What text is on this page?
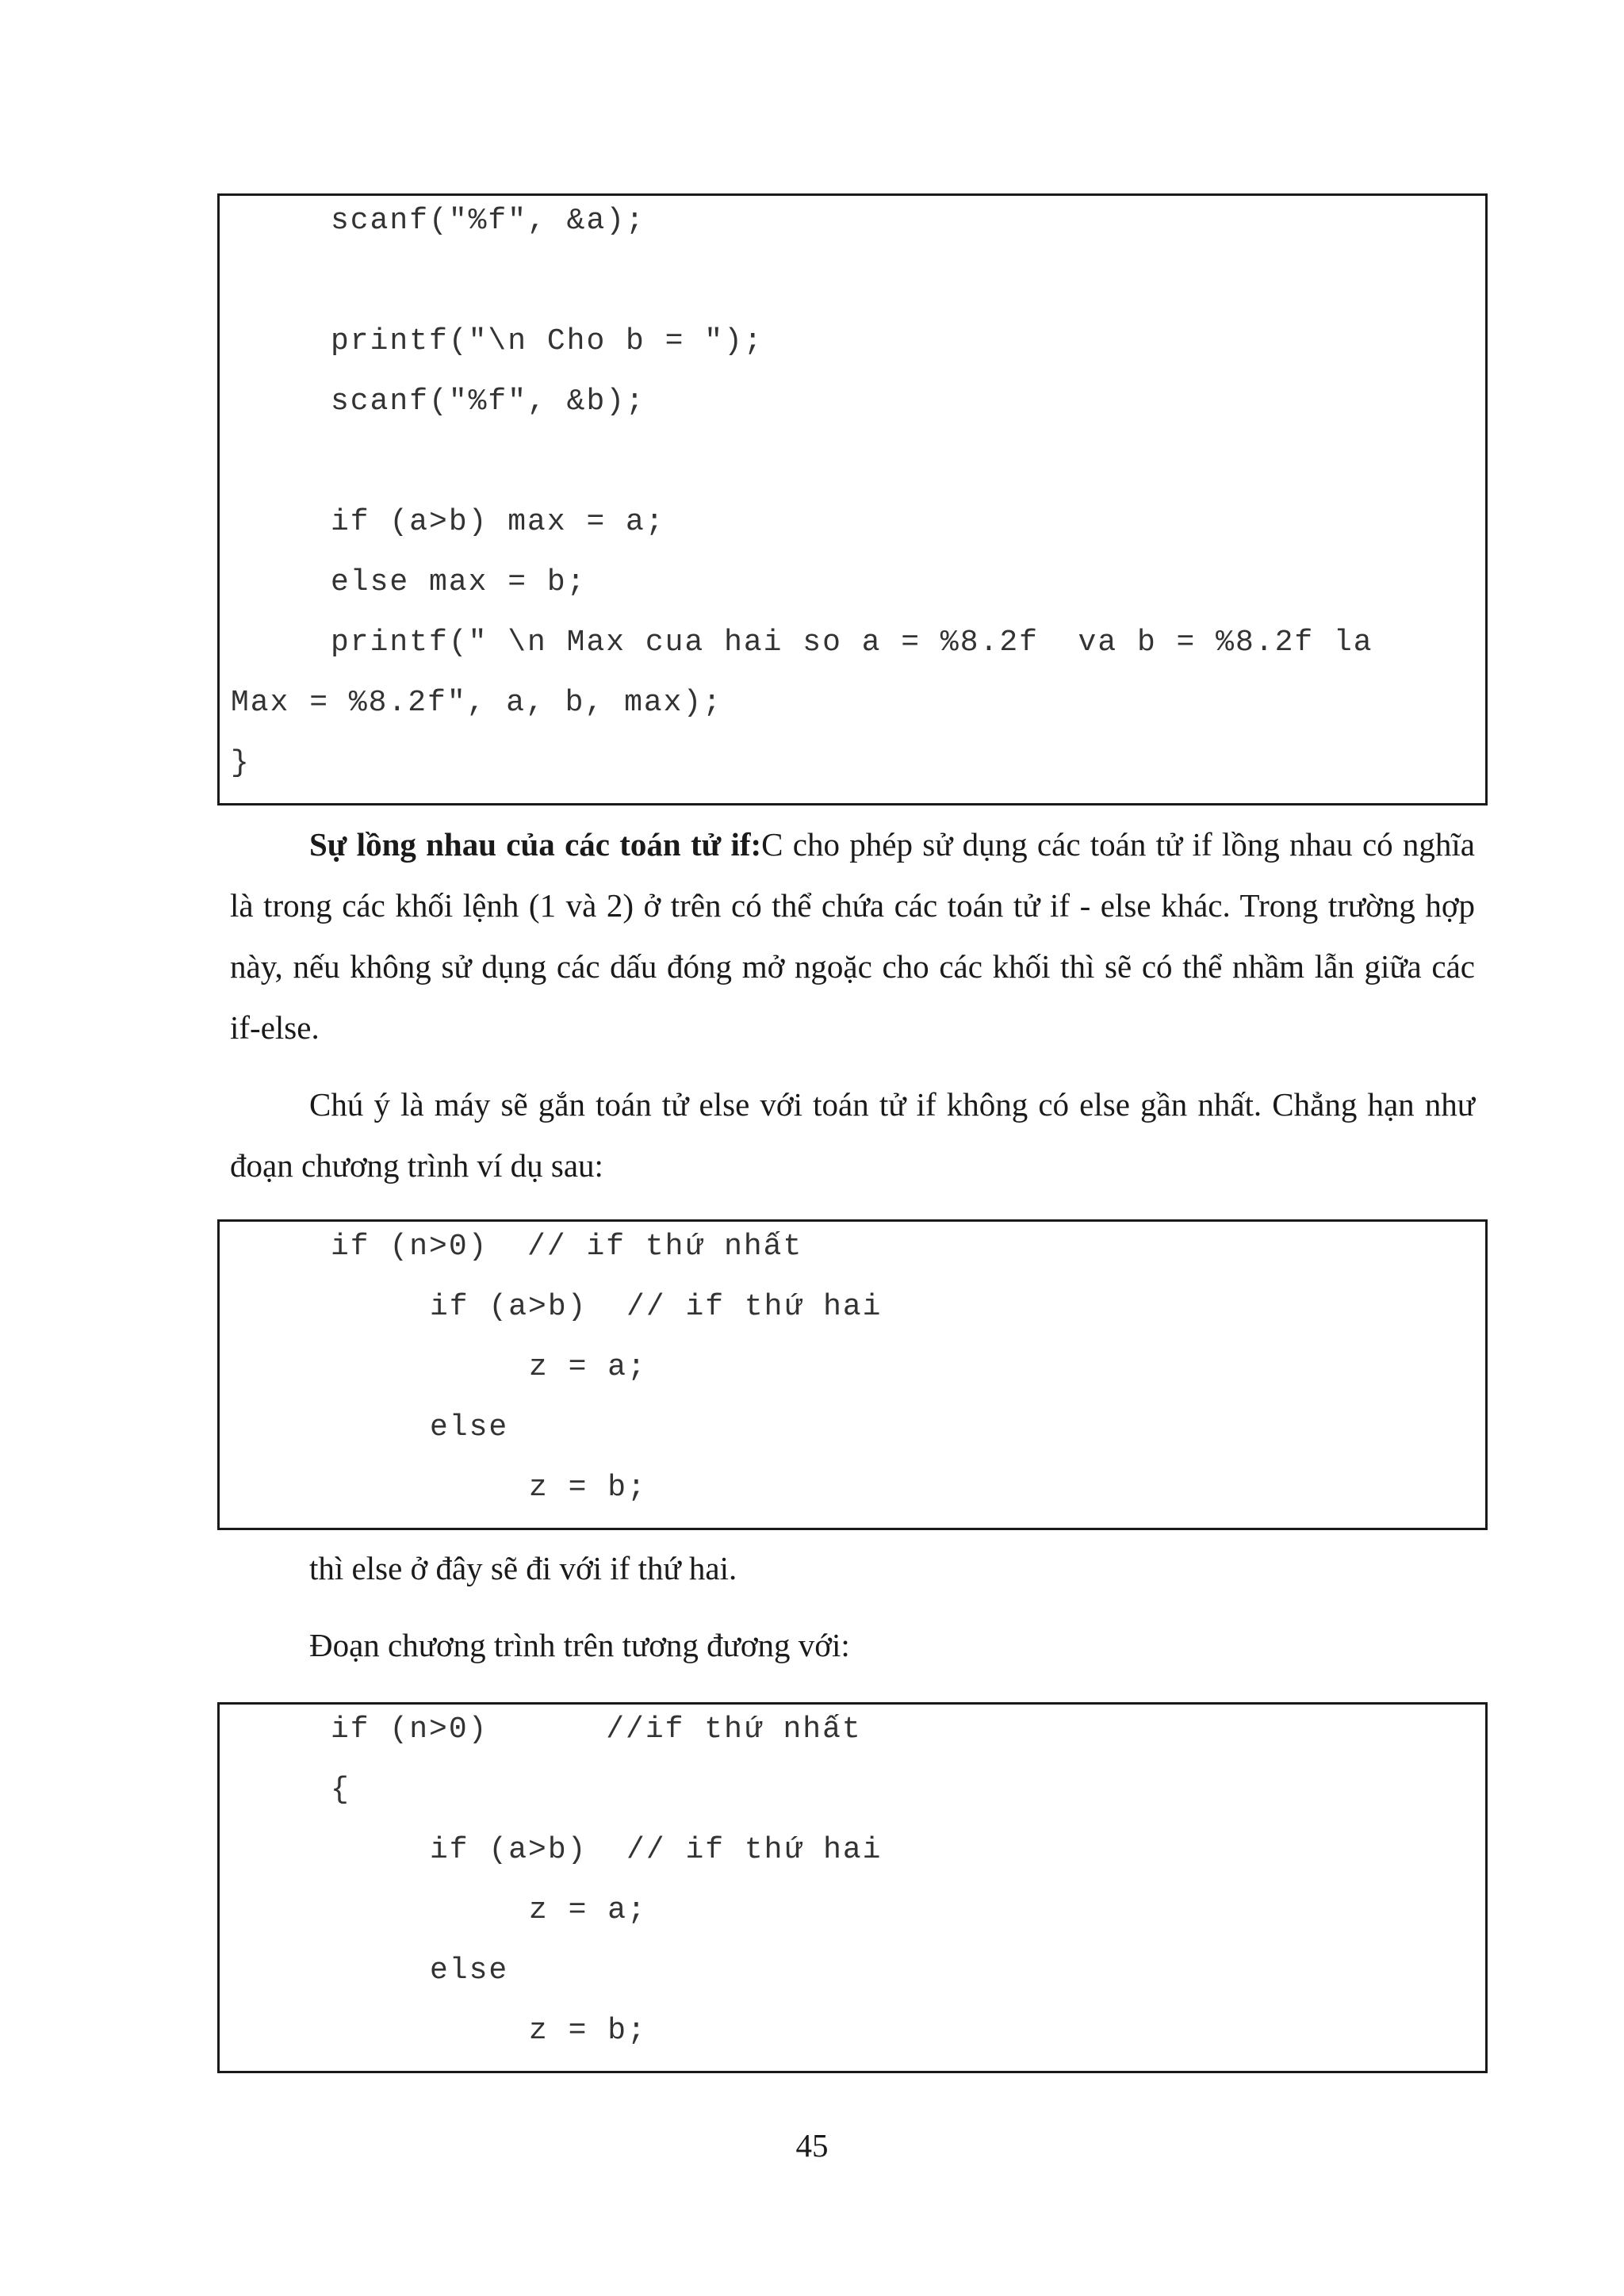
scanf("%f", &a);
printf("\n Cho b = ");
scanf("%f", &b);
if (a>b) max = a;
else max = b;
printf(" \n Max cua hai so a = %8.2f  va b = %8.2f la
Max = %8.2f", a, b, max);
}

Sự lồng nhau của các toán tử if:C cho phép sử dụng các toán tử if lồng nhau có nghĩa là trong các khối lệnh (1 và 2) ở trên có thể chứa các toán tử if - else khác. Trong trường hợp này, nếu không sử dụng các dấu đóng mở ngoặc cho các khối thì sẽ có thể nhầm lẫn giữa các if-else.

Chú ý là máy sẽ gắn toán tử else với toán tử if không có else gần nhất. Chẳng hạn như đoạn chương trình ví dụ sau:

if (n>0)  // if thứ nhất
if (a>b)  // if thứ hai
z = a;
else
z = b;

thì else ở đây sẽ đi với if thứ hai.

Đoạn chương trình trên tương đương với:

if (n>0)      //if thứ nhất
{
if (a>b)  // if thứ hai
z = a;
else
z = b;
45
